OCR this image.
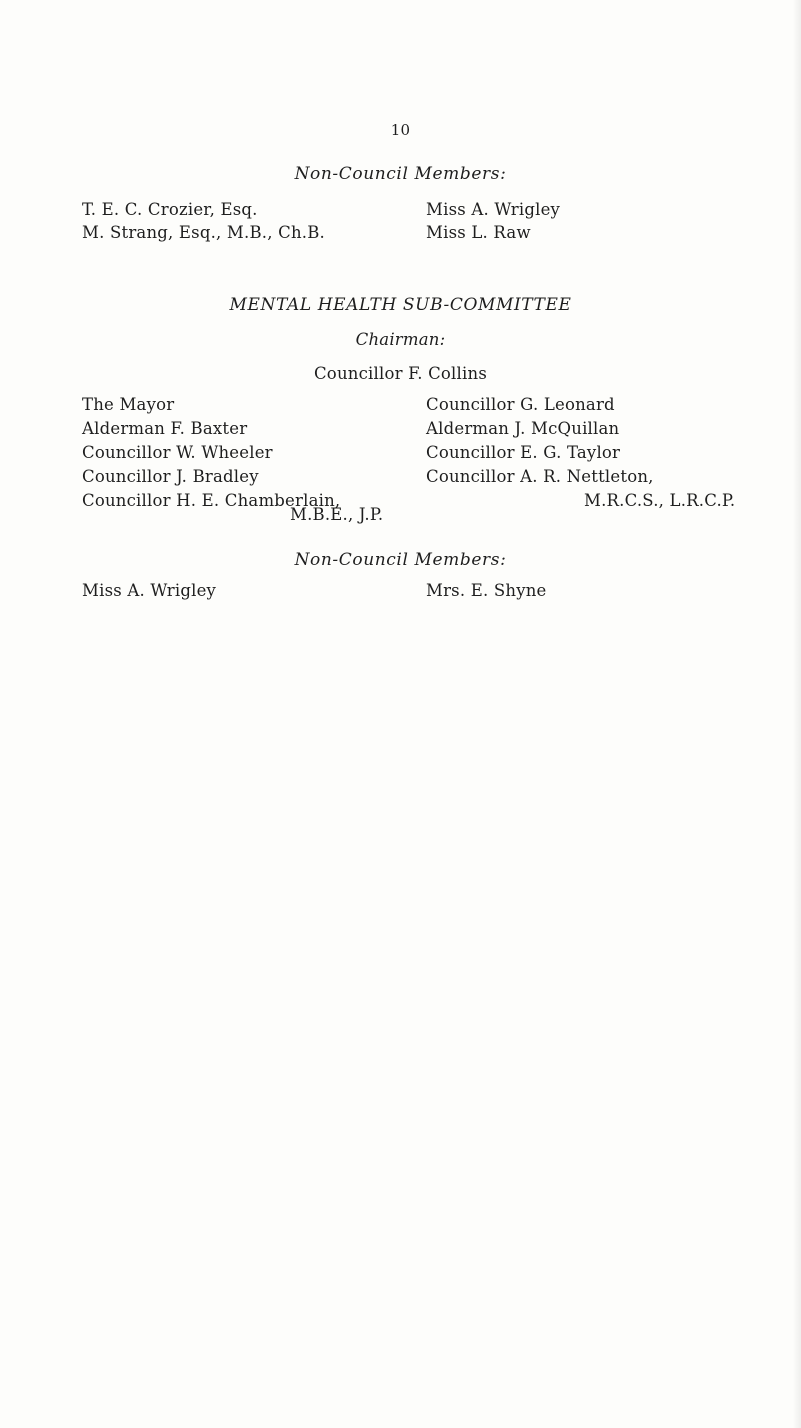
10
Non-Council Members:
T. E. C. Crozier, Esq.
M. Strang, Esq., M.B., Ch.B.
Miss A. Wrigley
Miss L. Raw
MENTAL HEALTH SUB-COMMITTEE
Chairman:
Councillor F. Collins
The Mayor
Alderman F. Baxter
Councillor W. Wheeler
Councillor J. Bradley
Councillor H. E. Chamberlain,
M.B.E., J.P.
Councillor G. Leonard
Alderman J. McQuillan
Councillor E. G. Taylor
Councillor A. R. Nettleton,
M.R.C.S., L.R.C.P.
Non-Council Members:
Miss A. Wrigley	Mrs. E. Shyne
